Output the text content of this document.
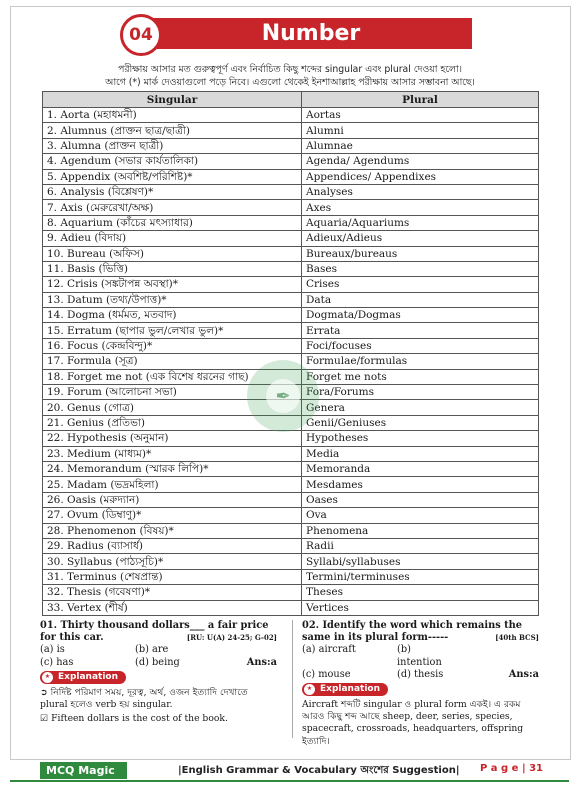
04	Number
পরীক্ষায় আসার মত গুরুত্বপূর্ণ এবং নির্বাচিত কিছু শব্দের singular এবং plural দেওয়া হলো।
আগে (*) মার্ক দেওয়াগুলো পড়ে নিবে। এগুলো থেকেই ইনশাআল্লাহ পরীক্ষায় আসার সম্ভাবনা আছে।
Singular	Plural
1. Aorta (মহাধমনী)	Aortas
2. Alumnus (প্রাক্তন ছাত্র/ছাত্রী)	Alumni
3. Alumna (প্রাক্তন ছাত্রী)	Alumnae
4. Agendum (সভার কার্যতালিকা)	Agenda/ Agendums
5. Appendix (অবশিষ্ট/পরিশিষ্ট)*	Appendices/ Appendixes
6. Analysis (বিশ্লেষণ)*	Analyses
7. Axis (মেরুরেখা/অক্ষ)	Axes
8. Aquarium (কাঁচের মৎস্যাধার)	Aquaria/Aquariums
9. Adieu (বিদায়)	Adieux/Adieus
10. Bureau (অফিস)	Bureaux/bureaus
11. Basis (ভিত্তি)	Bases
12. Crisis (সঙ্কটাপন্ন অবস্থা)*	Crises
13. Datum (তথ্য/উপাত্ত)*	Data
14. Dogma (ধর্মমত, মতবাদ)	Dogmata/Dogmas
15. Erratum (ছাপার ভুল/লেখার ভুল)*	Errata
16. Focus (কেন্দ্রবিন্দু)*	Foci/focuses
17. Formula (সূত্র)	Formulae/formulas
18. Forget me not (এক বিশেষ ধরনের গাছ)	Forget me nots
19. Forum (আলোচনা সভা)	Fora/Forums
20. Genus (গোত্র)	Genera
21. Genius (প্রতিভা)	Genii/Geniuses
22. Hypothesis (অনুমান)	Hypotheses
23. Medium (মাধ্যম)*	Media
24. Memorandum (স্মারক লিপি)*	Memoranda
25. Madam (ভদ্রমহিলা)	Mesdames
26. Oasis (মরুদ্যান)	Oases
27. Ovum (ডিম্বাণু)*	Ova
28. Phenomenon (বিষয়)*	Phenomena
29. Radius (ব্যাসার্ধ)	Radii
30. Syllabus (পাঠ্যসূচি)*	Syllabi/syllabuses
31. Terminus (শেষপ্রান্ত)	Termini/terminuses
32. Thesis (গবেষণা)*	Theses
33. Vertex (শীর্ষ)	Vertices
✒
01. Thirty thousand dollars___ a fair price for this car.	[RU: U(A) 24-25; G-02]
(a) is	(b) are
(c) has	(d) being	Ans:a
★ Explanation
➲ নির্দিষ্ট পরিমাণ সময়, দূরত্ব, অর্থ, ওজন ইত্যাদি দেখাতে plural হলেও verb হয় singular.
☑ Fifteen dollars is the cost of the book.
02. Identify the word which remains the same in its plural form-----	[40th BCS]
(a) aircraft	(b) intention
(c) mouse	(d) thesis	Ans:a
★ Explanation
Aircraft শব্দটি singular ও plural form একই। এ রকম আরও কিছু শব্দ আছে sheep, deer, series, species, spacecraft, crossroads, headquarters, offspring ইত্যাদি।
MCQ Magic	|English Grammar & Vocabulary অংশের Suggestion| P a g e | 31
